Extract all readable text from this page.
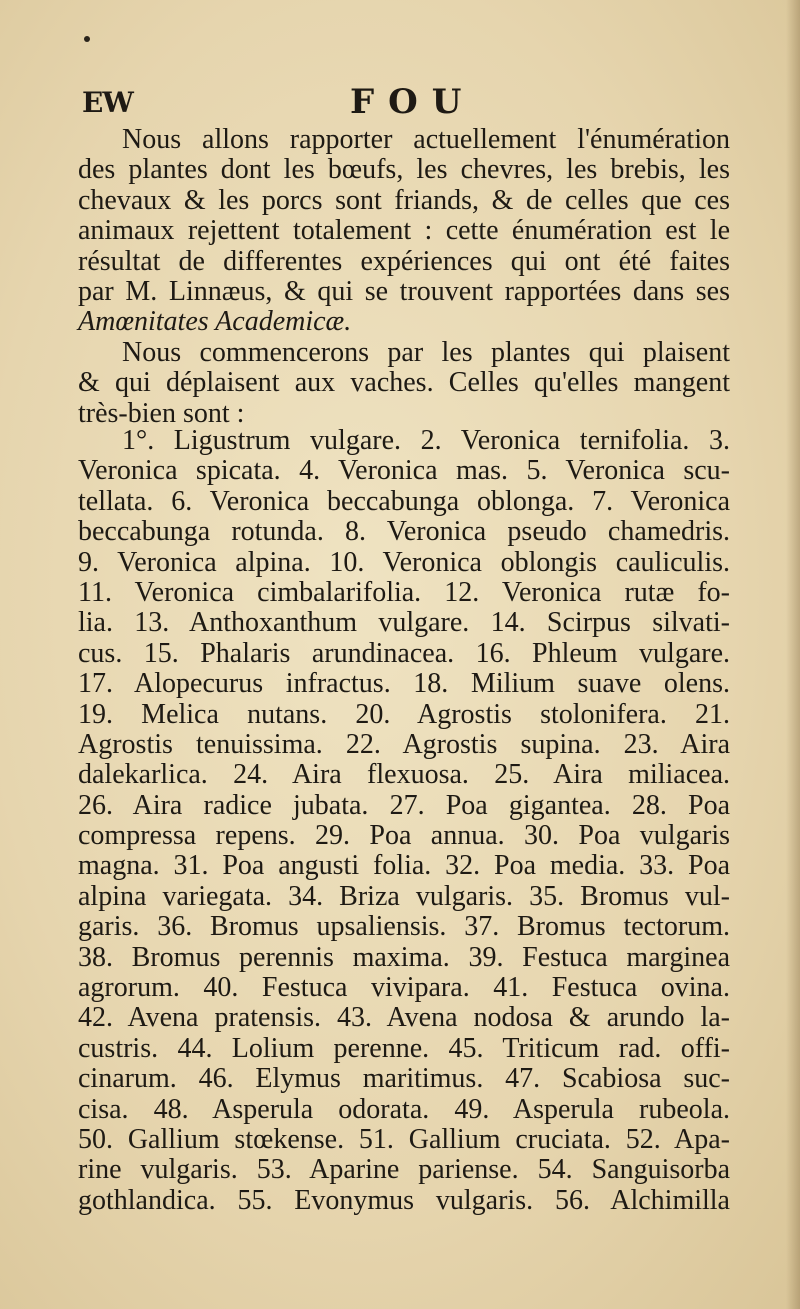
EW	FOU
Nous allons rapporter actuellement l'énumération
des plantes dont les bœufs, les chevres, les brebis, les
chevaux & les porcs sont friands, & de celles que ces
animaux rejettent totalement : cette énumération est le
résultat de differentes expériences qui ont été faites
par M. Linnæus, & qui se trouvent rapportées dans ses
Amœnitates Academicæ.
Nous commencerons par les plantes qui plaisent
& qui déplaisent aux vaches. Celles qu'elles mangent
très-bien sont :
1°. Ligustrum vulgare. 2. Veronica ternifolia. 3.
Veronica spicata. 4. Veronica mas. 5. Veronica scu-
tellata. 6. Veronica beccabunga oblonga. 7. Veronica
beccabunga rotunda. 8. Veronica pseudo chamedris.
9. Veronica alpina. 10. Veronica oblongis cauliculis.
11. Veronica cimbalarifolia. 12. Veronica rutæ fo-
lia. 13. Anthoxanthum vulgare. 14. Scirpus silvati-
cus. 15. Phalaris arundinacea. 16. Phleum vulgare.
17. Alopecurus infractus. 18. Milium suave olens.
19. Melica nutans. 20. Agrostis stolonifera. 21.
Agrostis tenuissima. 22. Agrostis supina. 23. Aira
dalekarlica. 24. Aira flexuosa. 25. Aira miliacea.
26. Aira radice jubata. 27. Poa gigantea. 28. Poa
compressa repens. 29. Poa annua. 30. Poa vulgaris
magna. 31. Poa angusti folia. 32. Poa media. 33. Poa
alpina variegata. 34. Briza vulgaris. 35. Bromus vul-
garis. 36. Bromus upsaliensis. 37. Bromus tectorum.
38. Bromus perennis maxima. 39. Festuca marginea
agrorum. 40. Festuca vivipara. 41. Festuca ovina.
42. Avena pratensis. 43. Avena nodosa & arundo la-
custris. 44. Lolium perenne. 45. Triticum rad. offi-
cinarum. 46. Elymus maritimus. 47. Scabiosa suc-
cisa. 48. Asperula odorata. 49. Asperula rubeola.
50. Gallium stœkense. 51. Gallium cruciata. 52. Apa-
rine vulgaris. 53. Aparine pariense. 54. Sanguisorba
gothlandica. 55. Evonymus vulgaris. 56. Alchimilla
